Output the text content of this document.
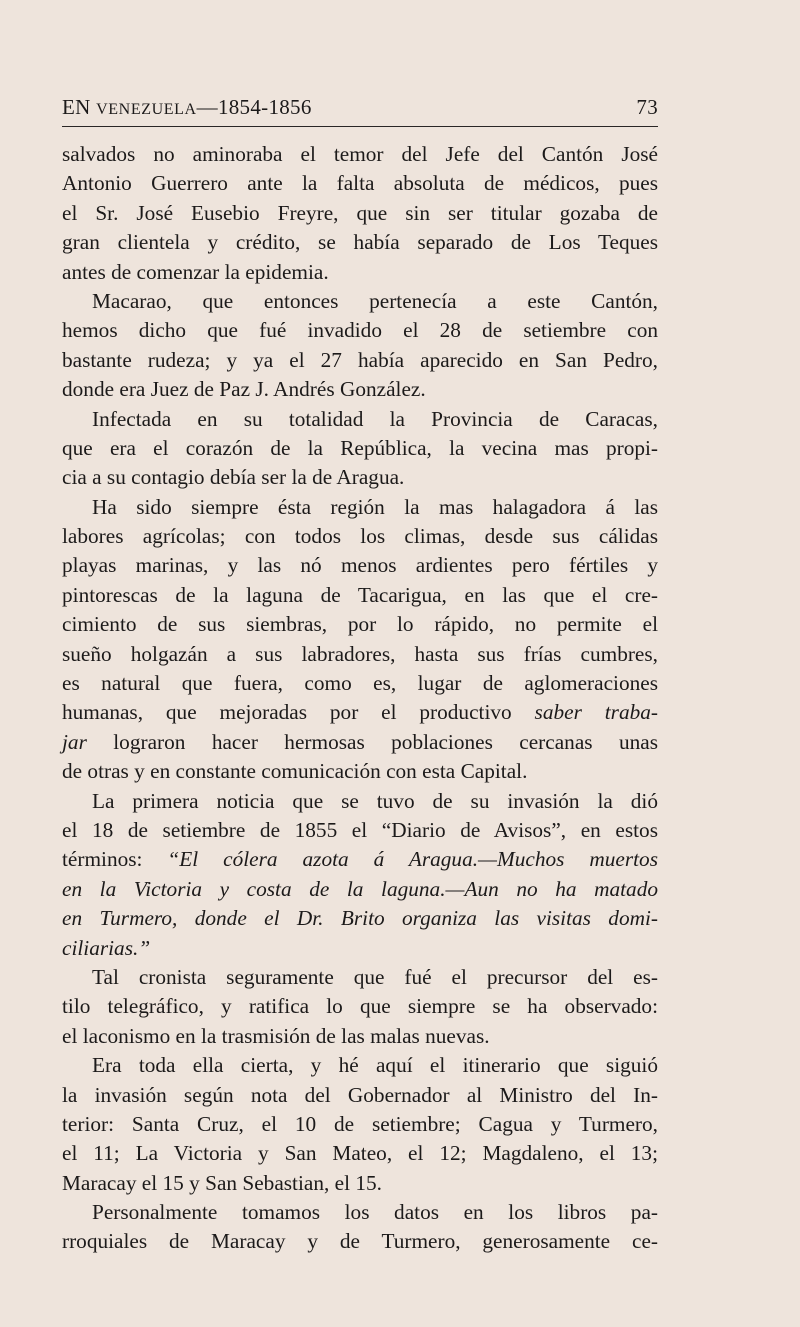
EN VENEZUELA—1854-1856	73
salvados no aminoraba el temor del Jefe del Cantón José
Antonio Guerrero ante la falta absoluta de médicos, pues
el Sr. José Eusebio Freyre, que sin ser titular gozaba de
gran clientela y crédito, se había separado de Los Teques
antes de comenzar la epidemia.
Macarao, que entonces pertenecía a este Cantón,
hemos dicho que fué invadido el 28 de setiembre con
bastante rudeza; y ya el 27 había aparecido en San Pedro,
donde era Juez de Paz J. Andrés González.
Infectada en su totalidad la Provincia de Caracas,
que era el corazón de la República, la vecina mas propi-
cia a su contagio debía ser la de Aragua.
Ha sido siempre ésta región la mas halagadora á las
labores agrícolas; con todos los climas, desde sus cálidas
playas marinas, y las nó menos ardientes pero fértiles y
pintorescas de la laguna de Tacarigua, en las que el cre-
cimiento de sus siembras, por lo rápido, no permite el
sueño holgazán a sus labradores, hasta sus frías cumbres,
es natural que fuera, como es, lugar de aglomeraciones
humanas, que mejoradas por el productivo saber traba-
jar lograron hacer hermosas poblaciones cercanas unas
de otras y en constante comunicación con esta Capital.
La primera noticia que se tuvo de su invasión la dió
el 18 de setiembre de 1855 el “Diario de Avisos”, en estos
términos: “El cólera azota á Aragua.—Muchos muertos
en la Victoria y costa de la laguna.—Aun no ha matado
en Turmero, donde el Dr. Brito organiza las visitas domi-
ciliarias.”
Tal cronista seguramente que fué el precursor del es-
tilo telegráfico, y ratifica lo que siempre se ha observado:
el laconismo en la trasmisión de las malas nuevas.
Era toda ella cierta, y hé aquí el itinerario que siguió
la invasión según nota del Gobernador al Ministro del In-
terior: Santa Cruz, el 10 de setiembre; Cagua y Turmero,
el 11; La Victoria y San Mateo, el 12; Magdaleno, el 13;
Maracay el 15 y San Sebastian, el 15.
Personalmente tomamos los datos en los libros pa-
rroquiales de Maracay y de Turmero, generosamente ce-
